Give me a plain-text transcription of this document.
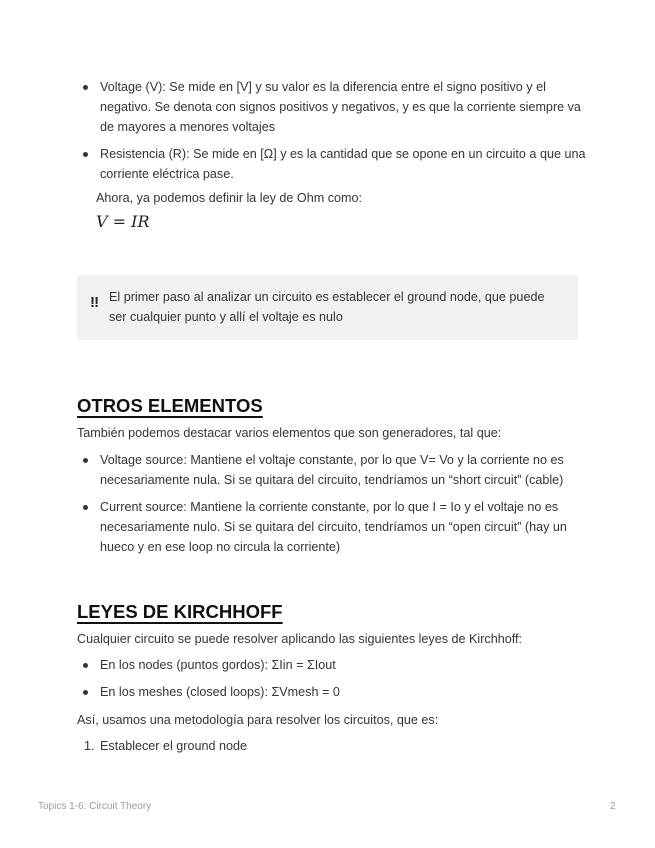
Voltage (V): Se mide en [V] y su valor es la diferencia entre el signo positivo y el negativo. Se denota con signos positivos y negativos, y es que la corriente siempre va de mayores a menores voltajes
Resistencia (R): Se mide en [Ω] y es la cantidad que se opone en un circuito a que una corriente eléctrica pase.
Ahora, ya podemos definir la ley de Ohm como:
V = IR
‼ El primer paso al analizar un circuito es establecer el ground node, que puede ser cualquier punto y allí el voltaje es nulo
OTROS ELEMENTOS
También podemos destacar varios elementos que son generadores, tal que:
Voltage source: Mantiene el voltaje constante, por lo que V= Vo y la corriente no es necesariamente nula. Si se quitara del circuito, tendríamos un “short circuit” (cable)
Current source: Mantiene la corriente constante, por lo que I = Io y el voltaje no es necesariamente nulo. Si se quitara del circuito, tendríamos un “open circuit” (hay un hueco y en ese loop no circula la corriente)
LEYES DE KIRCHHOFF
Cualquier circuito se puede resolver aplicando las siguientes leyes de Kirchhoff:
En los nodes (puntos gordos): ΣIin = ΣIout
En los meshes (closed loops): ΣVmesh = 0
Así, usamos una metodología para resolver los circuitos, que es:
1. Establecer el ground node
Topics 1-6: Circuit Theory	2
